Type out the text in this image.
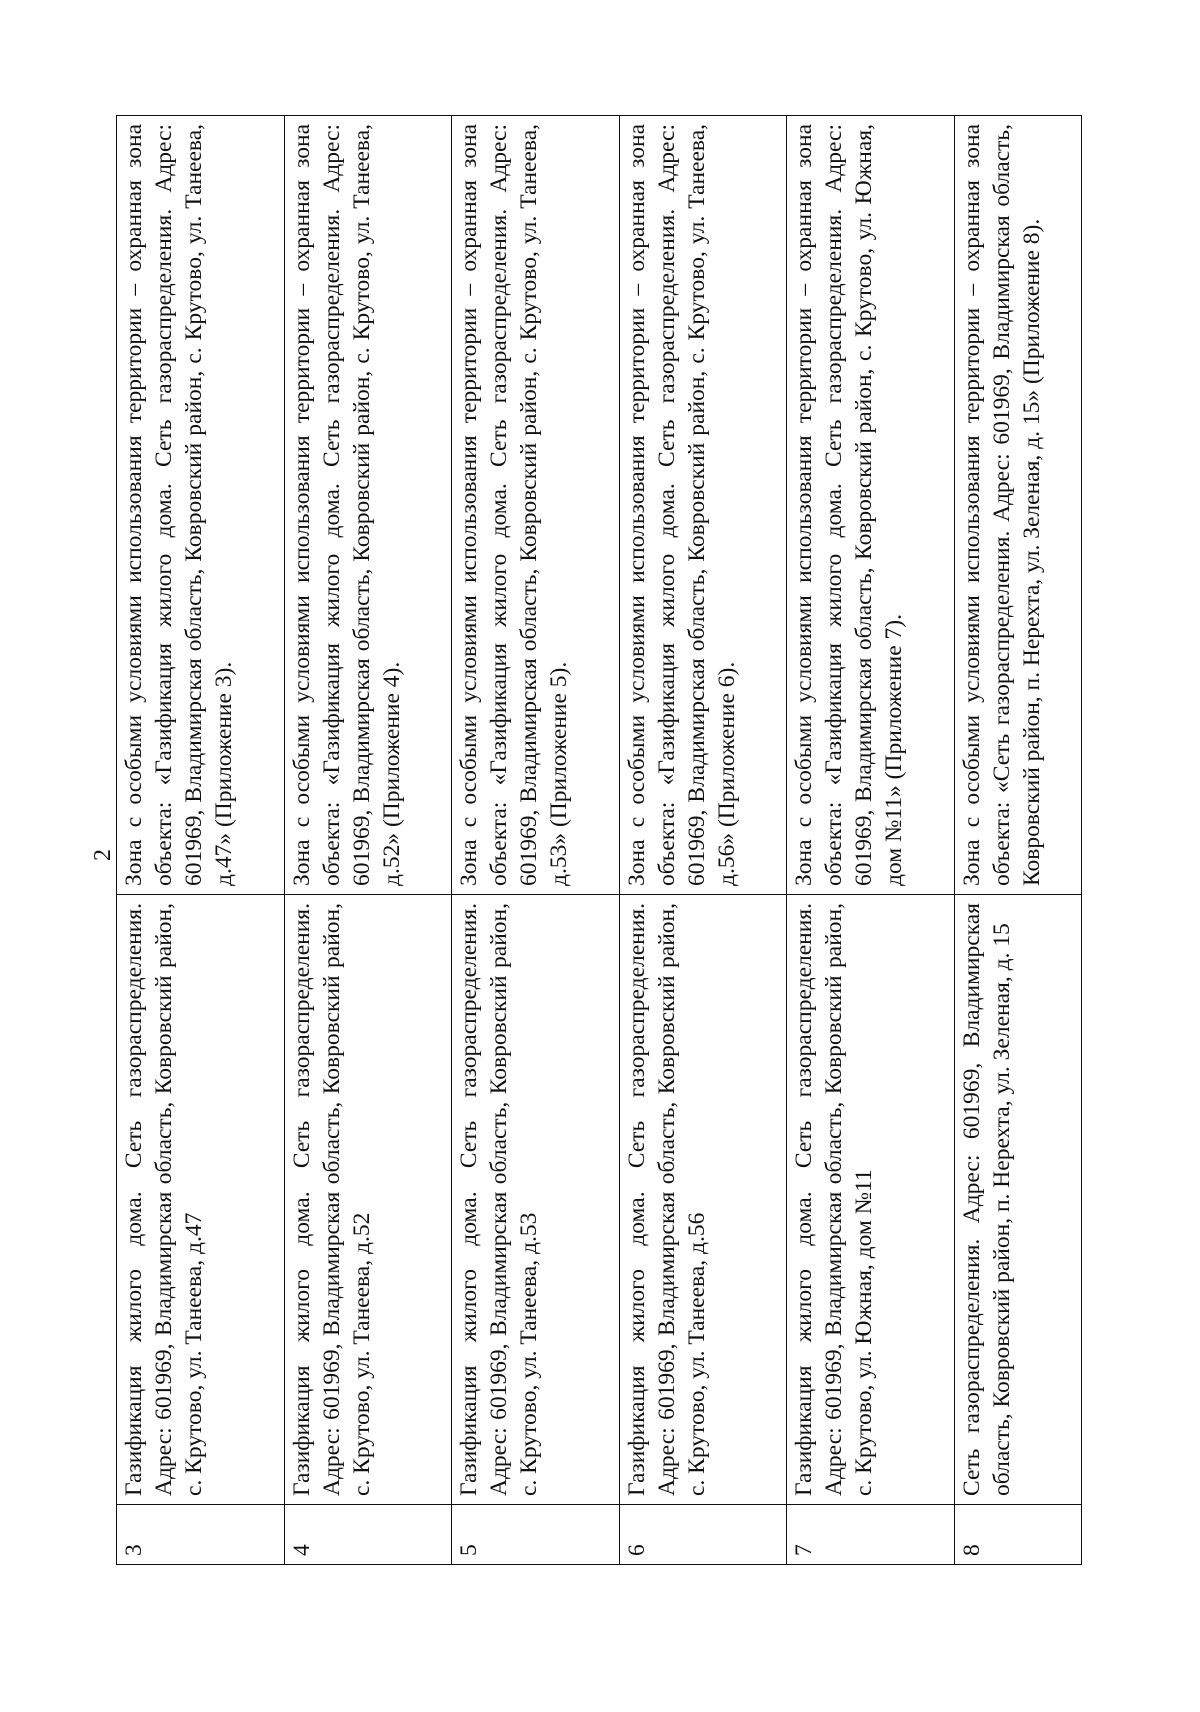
2
3	Газификация жилого дома. Сеть газораспределения. Адрес: 601969, Владимирская область, Ковровский район, с. Крутово, ул. Танеева, д.47	Зона с особыми условиями использования территории – охранная зона объекта: «Газификация жилого дома. Сеть газораспределения. Адрес: 601969, Владимирская область, Ковровский район, с. Крутово, ул. Танеева, д.47» (Приложение 3).
4	Газификация жилого дома. Сеть газораспределения. Адрес: 601969, Владимирская область, Ковровский район, с. Крутово, ул. Танеева, д.52	Зона с особыми условиями использования территории – охранная зона объекта: «Газификация жилого дома. Сеть газораспределения. Адрес: 601969, Владимирская область, Ковровский район, с. Крутово, ул. Танеева, д.52» (Приложение 4).
5	Газификация жилого дома. Сеть газораспределения. Адрес: 601969, Владимирская область, Ковровский район, с. Крутово, ул. Танеева, д.53	Зона с особыми условиями использования территории – охранная зона объекта: «Газификация жилого дома. Сеть газораспределения. Адрес: 601969, Владимирская область, Ковровский район, с. Крутово, ул. Танеева, д.53» (Приложение 5).
6	Газификация жилого дома. Сеть газораспределения. Адрес: 601969, Владимирская область, Ковровский район, с. Крутово, ул. Танеева, д.56	Зона с особыми условиями использования территории – охранная зона объекта: «Газификация жилого дома. Сеть газораспределения. Адрес: 601969, Владимирская область, Ковровский район, с. Крутово, ул. Танеева, д.56» (Приложение 6).
7	Газификация жилого дома. Сеть газораспределения. Адрес: 601969, Владимирская область, Ковровский район, с. Крутово, ул. Южная, дом №11	Зона с особыми условиями использования территории – охранная зона объекта: «Газификация жилого дома. Сеть газораспределения. Адрес: 601969, Владимирская область, Ковровский район, с. Крутово, ул. Южная, дом №11» (Приложение 7).
8	Сеть газораспределения. Адрес: 601969, Владимирская область, Ковровский район, п. Нерехта, ул. Зеленая, д. 15	Зона с особыми условиями использования территории – охранная зона объекта: «Сеть газораспределения. Адрес: 601969, Владимирская область, Ковровский район, п. Нерехта, ул. Зеленая, д. 15» (Приложение 8).
